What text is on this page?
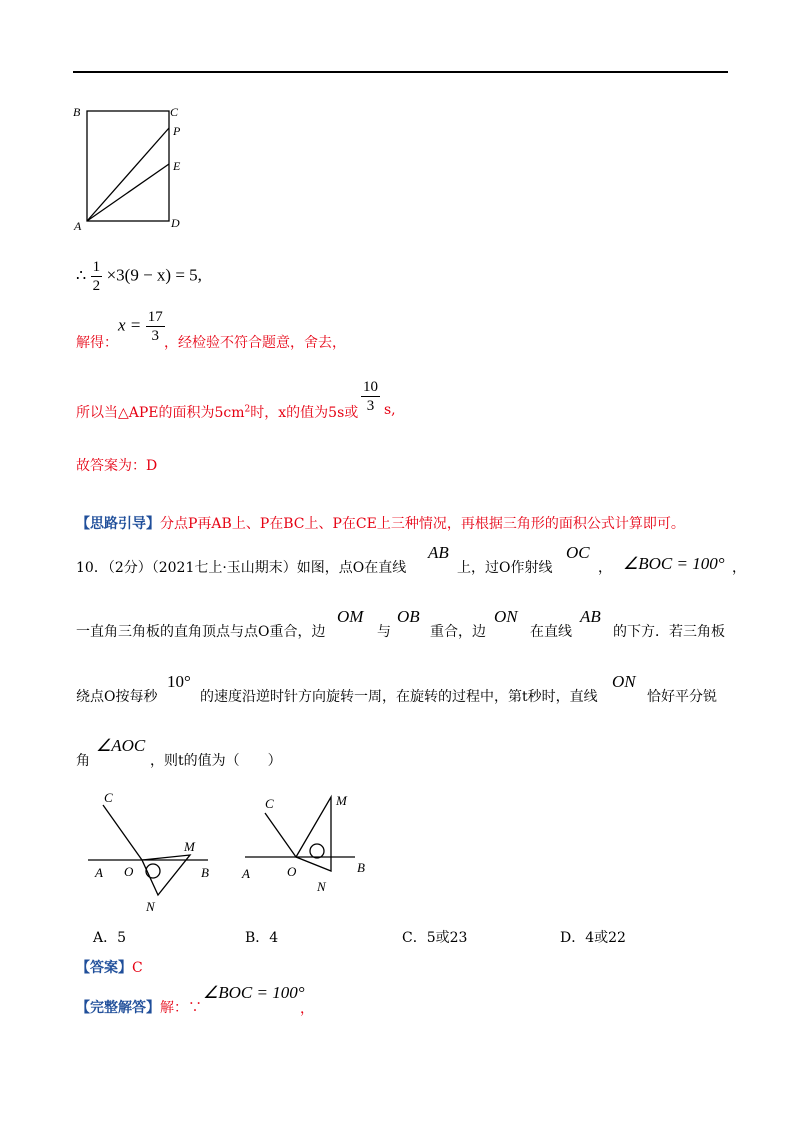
B	C
P
E
A	D
∴ $\frac{1}{2} \times 3(9 - x) = 5$,
解得：
$x = \frac{17}{3}$ ，经检验不符合题意，舍去，
所以当△APE的面积为$5cm^2$时，x的值为5s或 $\frac{10}{3} s$,
故答案为：D
【思路引导】分点P再AB上、P在BC上、P在CE上三种情况，再根据三角形的面积公式计算即可。
10．（2分）（2021七上·玉山期末）如图，点O在直线
AB
上，过O作射线
OC
， ∠BOC = 100° ，
一直角三角板的直角顶点与点O重合，边
OM
与
OB
重合，边
ON
在直线
AB
的下方．若三角板
绕点O按每秒
10°
的速度沿逆时针方向旋转一周，在旋转的过程中，第t秒时，直线
ON
恰好平分锐
角
∠AOC
，则t的值为（　　）
C
M
A O	B
N
C	M
A	O	B
N
A．5	B．4	C．5或23	D．4或22
【答案】C
【完整解答】解：∵
∠BOC = 100°
，
